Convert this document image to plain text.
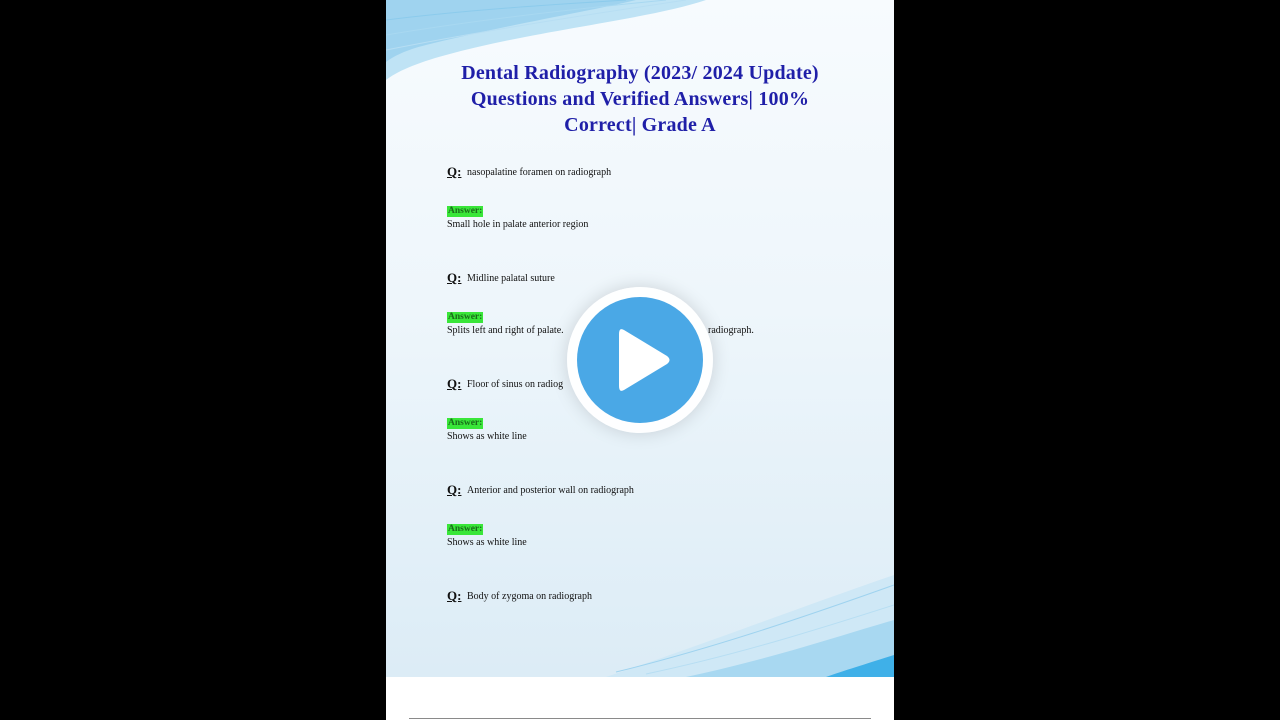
Dental Radiography (2023/ 2024 Update)
Questions and Verified Answers| 100%
Correct| Grade A
Q: nasopalatine foramen on radiograph
Answer:
Small hole in palate anterior region
Q: Midline palatal suture
Answer:
Splits left and right of palate.	radiograph.
Q: Floor of sinus on radiog
Answer:
Shows as white line
Q: Anterior and posterior wall on radiograph
Answer:
Shows as white line
Q: Body of zygoma on radiograph
